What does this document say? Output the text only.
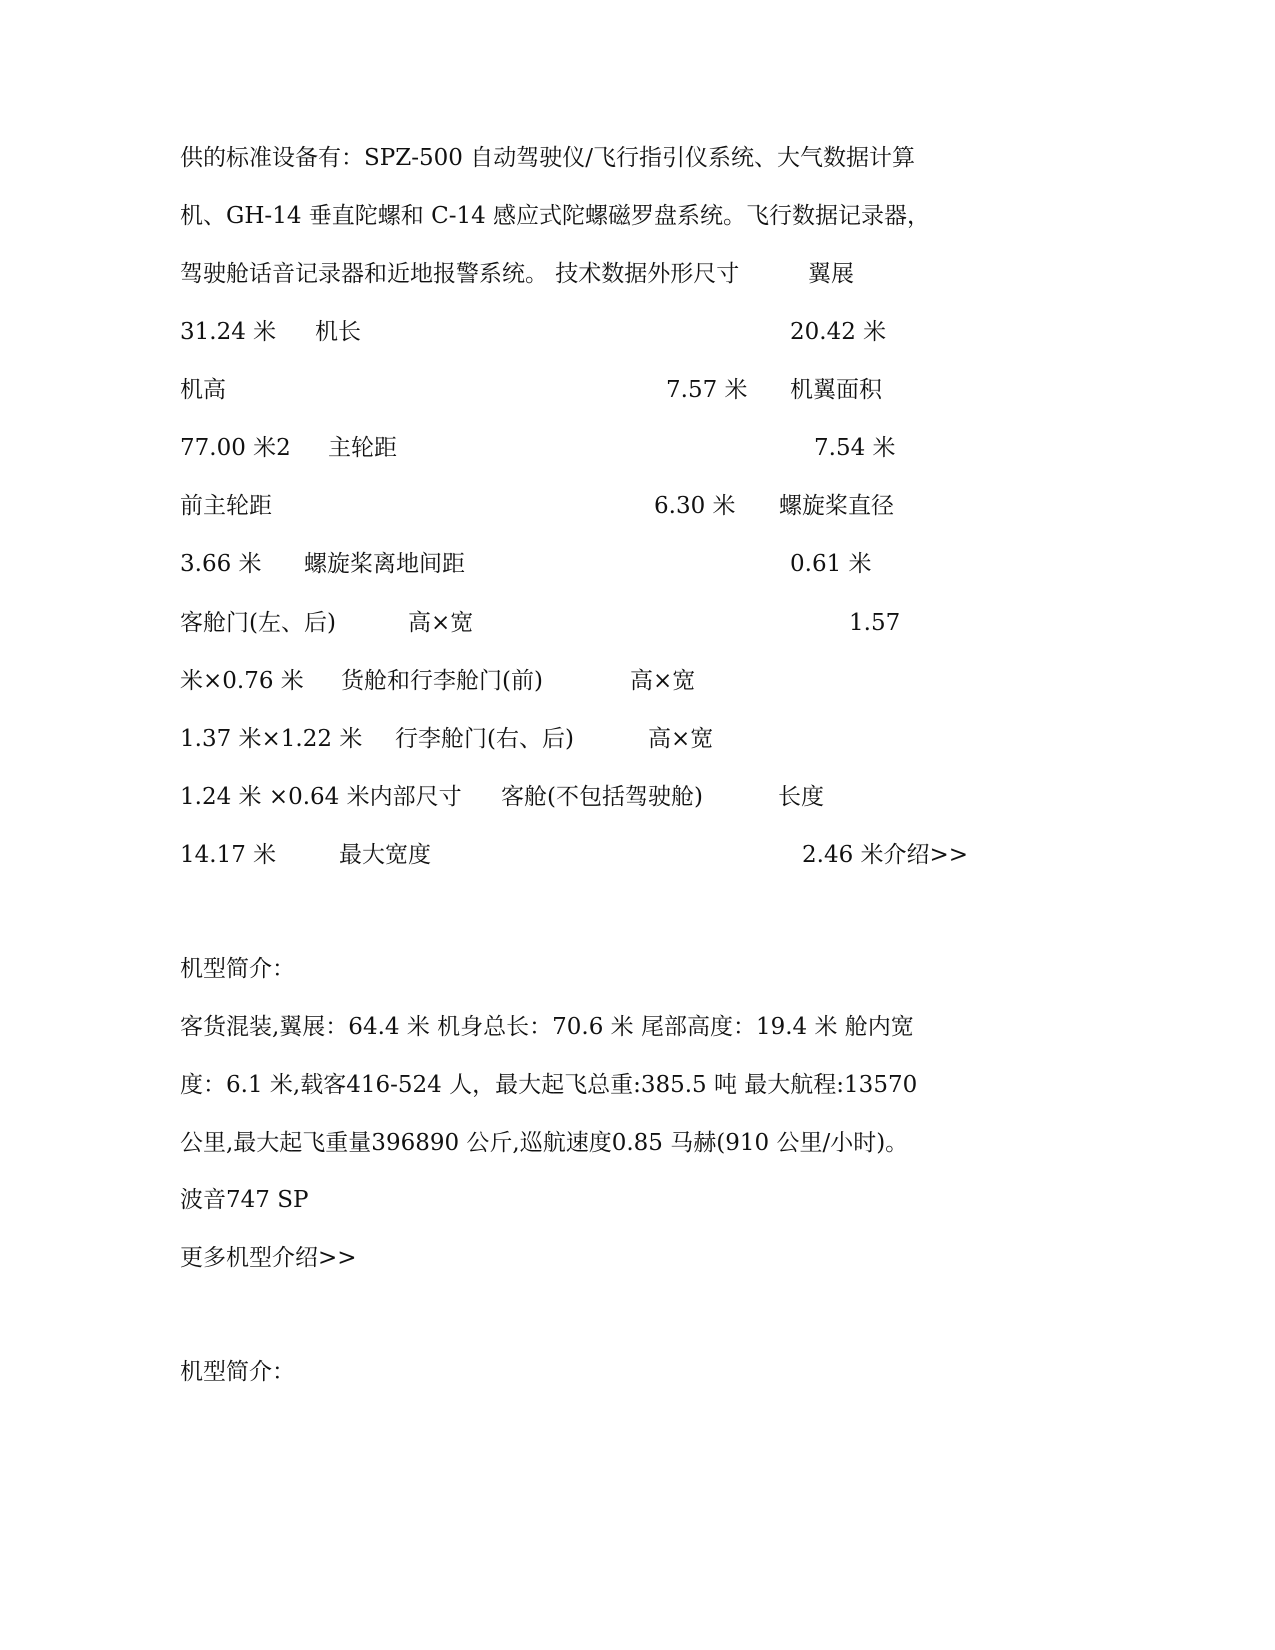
供的标准设备有：SPZ-500 自动驾驶仪/飞行指引仪系统、大气数据计算
机、GH-14 垂直陀螺和 C-14 感应式陀螺磁罗盘系统。飞行数据记录器，
驾驶舱话音记录器和近地报警系统。 技术数据外形尺寸	翼展
31.24 米 机长	20.42 米
机高	7.57 米 机翼面积
77.00 米2 主轮距	7.54 米
前主轮距	6.30 米 螺旋桨直径
3.66 米 螺旋桨离地间距	0.61 米
客舱门(左、后)	高×宽	1.57
米×0.76 米 货舱和行李舱门(前)	高×宽
1.37 米×1.22 米 行李舱门(右、后)	高×宽
1.24 米 ×0.64 米内部尺寸 客舱(不包括驾驶舱)	长度
14.17 米	最大宽度	2.46 米介绍>>
机型简介：
客货混装,翼展：64.4 米 机身总长：70.6 米 尾部高度：19.4 米 舱内宽
度：6.1 米,载客416-524 人，最大起飞总重:385.5 吨 最大航程:13570
公里,最大起飞重量396890 公斤,巡航速度0.85 马赫(910 公里/小时)。
波音747 SP
更多机型介绍>>
机型简介：
